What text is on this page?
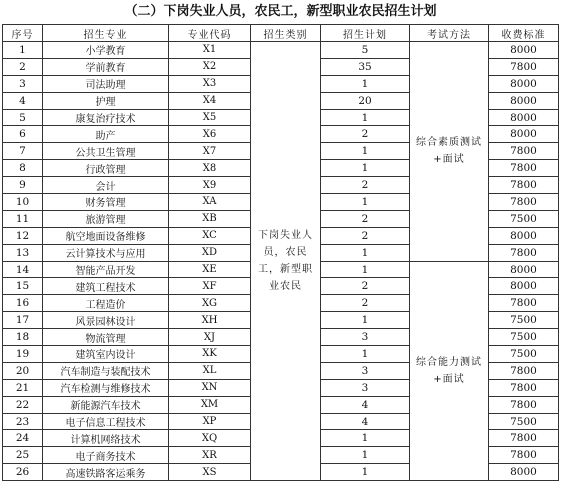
（二）下岗失业人员，农民工，新型职业农民招生计划
序号	招生专业	专业代码	招生类别	招生计划	考试方法	收费标准
1	小学教育	X1	下岗失业人员，农民工，新型职业农民	5	综合素质测试+面试	8000
2	学前教育	X2		35		7800
3	司法助理	X3		1		8000
4	护理	X4		20		8000
5	康复治疗技术	X5		1		8000
6	助产	X6		2		8000
7	公共卫生管理	X7		1		7800
8	行政管理	X8		1		7800
9	会计	X9		2		7800
10	财务管理	XA		1		7800
11	旅游管理	XB		2		7500
12	航空地面设备维修	XC		2		8000
13	云计算技术与应用	XD		1		7800
14	智能产品开发	XE		1	综合能力测试+面试	8000
15	建筑工程技术	XF		2		8000
16	工程造价	XG		2		7800
17	风景园林设计	XH		1		7500
18	物流管理	XJ		3		7500
19	建筑室内设计	XK		1		7500
20	汽车制造与装配技术	XL		3		7800
21	汽车检测与维修技术	XN		3		7800
22	新能源汽车技术	XM		4		7800
23	电子信息工程技术	XP		4		7500
24	计算机网络技术	XQ		1		7800
25	电子商务技术	XR		1		7800
26	高速铁路客运乘务	XS		1		8000
